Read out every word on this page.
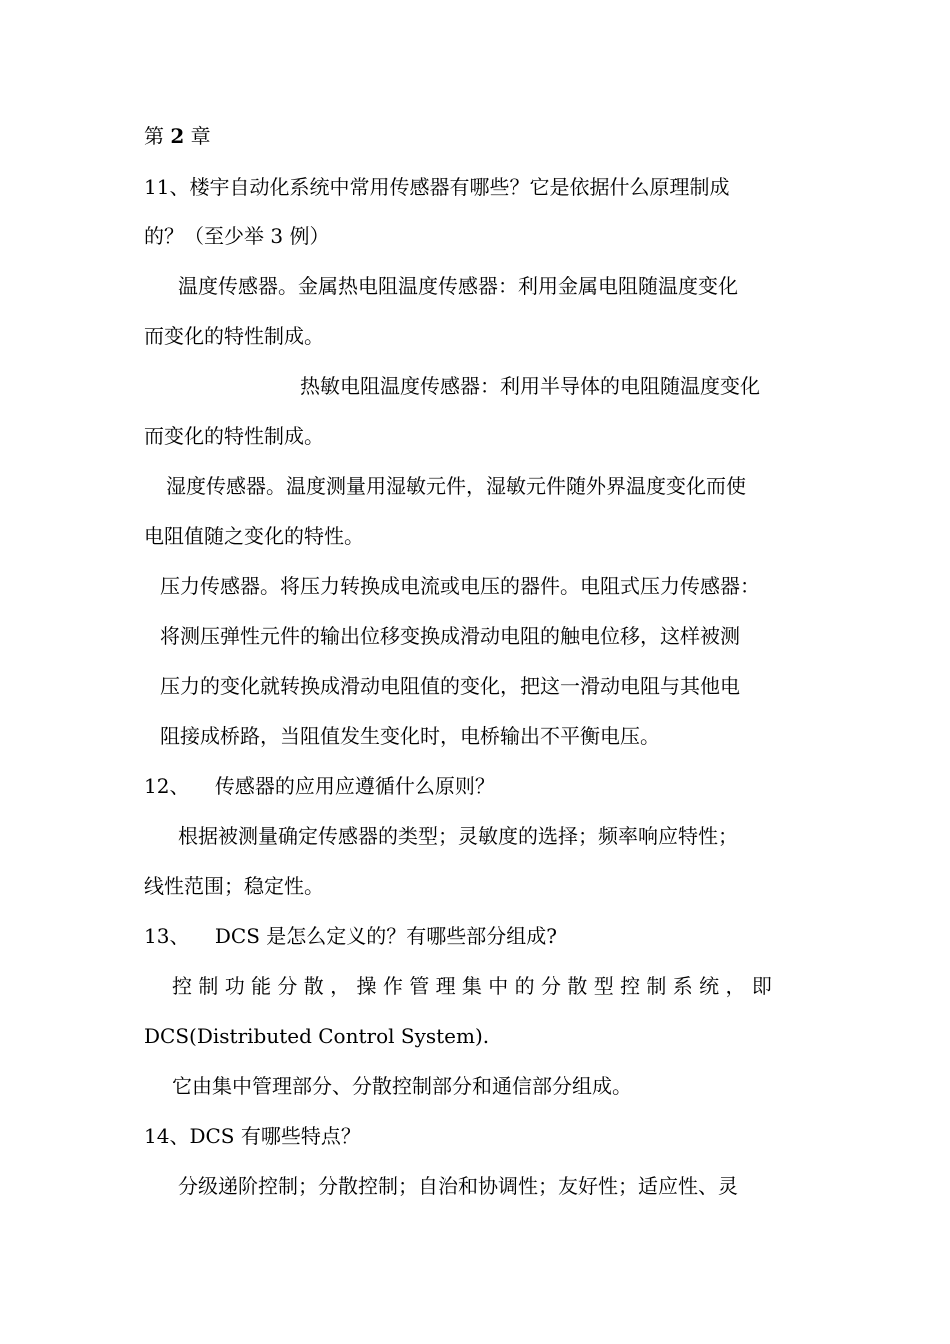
第 2 章
11、楼宇自动化系统中常用传感器有哪些？它是依据什么原理制成
的？（至少举 3 例）
温度传感器。金属热电阻温度传感器：利用金属电阻随温度变化
而变化的特性制成。
热敏电阻温度传感器：利用半导体的电阻随温度变化
而变化的特性制成。
湿度传感器。温度测量用湿敏元件，湿敏元件随外界温度变化而使
电阻值随之变化的特性。
压力传感器。将压力转换成电流或电压的器件。电阻式压力传感器：
将测压弹性元件的输出位移变换成滑动电阻的触电位移，这样被测
压力的变化就转换成滑动电阻值的变化，把这一滑动电阻与其他电
阻接成桥路，当阻值发生变化时，电桥输出不平衡电压。
12、    传感器的应用应遵循什么原则？
根据被测量确定传感器的类型；灵敏度的选择；频率响应特性；
线性范围；稳定性。
13、    DCS 是怎么定义的？有哪些部分组成?
控 制 功 能 分 散 ， 操 作 管 理 集 中 的 分 散 型 控 制 系 统 ， 即
DCS(Distributed Control System).
它由集中管理部分、分散控制部分和通信部分组成。
14、DCS 有哪些特点？
分级递阶控制；分散控制；自治和协调性；友好性；适应性、灵
